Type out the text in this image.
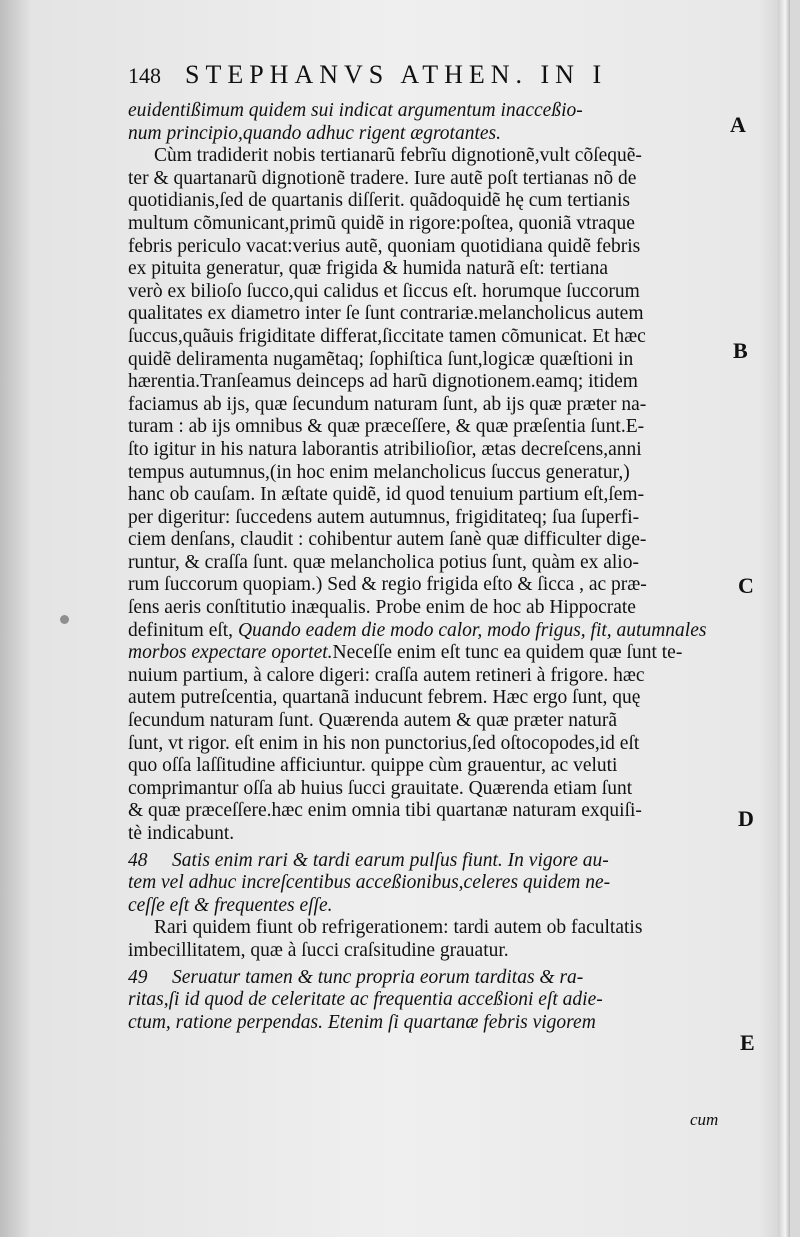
148 STEPHANVS ATHEN. IN I
euidentißimum quidem sui indicat argumentum inacceßio-
num principio,quando adhuc rigent ægrotantes.
Cùm tradiderit nobis tertianarũ febrĩu dignotionẽ,vult cõſequẽ-
ter & quartanarũ dignotionẽ tradere. Iure autẽ poſt tertianas nõ de
quotidianis,ſed de quartanis diſſerit. quãdoquidẽ hę cum tertianis
multum cõmunicant,primũ quidẽ in rigore:poſtea, quoniã vtraque
febris periculo vacat:verius autẽ, quoniam quotidiana quidẽ febris
ex pituita generatur, quæ frigida & humida naturã eſt: tertiana
verò ex bilioſo ſucco,qui calidus et ſiccus eſt. horumque ſuccorum
qualitates ex diametro inter ſe ſunt contrariæ.melancholicus autem
ſuccus,quãuis frigiditate differat,ſiccitate tamen cõmunicat. Et hæc
quidẽ deliramenta nugamẽtaq; ſophiſtica ſunt,logicæ quæſtioni in
hærentia.Tranſeamus deinceps ad harũ dignotionem.eamq; itidem
faciamus ab ijs, quæ ſecundum naturam ſunt, ab ijs quæ præter na-
turam : ab ijs omnibus & quæ præceſſere, & quæ præſentia ſunt.E-
ſto igitur in his natura laborantis atribilioſior, ætas decreſcens,anni
tempus autumnus,(in hoc enim melancholicus ſuccus generatur,)
hanc ob cauſam. In æſtate quidẽ, id quod tenuium partium eſt,ſem-
per digeritur: ſuccedens autem autumnus, frigiditateq; ſua ſuperfi-
ciem denſans, claudit : cohibentur autem ſanè quæ difficulter dige-
runtur, & craſſa ſunt. quæ melancholica potius ſunt, quàm ex alio-
rum ſuccorum quopiam.) Sed & regio frigida eſto & ſicca , ac præ-
ſens aeris conſtitutio inæqualis. Probe enim de hoc ab Hippocrate
definitum eſt, Quando eadem die modo calor, modo frigus, fit, autumnales
morbos expectare oportet.Neceſſe enim eſt tunc ea quidem quæ ſunt te-
nuium partium, à calore digeri: craſſa autem retineri à frigore. hæc
autem putreſcentia, quartanã inducunt febrem. Hæc ergo ſunt, quę
ſecundum naturam ſunt. Quærenda autem & quæ præter naturã
ſunt, vt rigor. eſt enim in his non punctorius,ſed oſtocopodes,id eſt
quo oſſa laſſitudine afficiuntur. quippe cùm grauentur, ac veluti
comprimantur oſſa ab huius ſucci grauitate. Quærenda etiam ſunt
& quæ præceſſere.hæc enim omnia tibi quartanæ naturam exquiſi-
tè indicabunt.
48 Satis enim rari & tardi earum pulſus fiunt. In vigore au-
tem vel adhuc increſcentibus acceßionibus,celeres quidem ne-
ceſſe eſt & frequentes eſſe.
Rari quidem fiunt ob refrigerationem: tardi autem ob facultatis
imbecillitatem, quæ à ſucci craſsitudine grauatur.
49 Seruatur tamen & tunc propria eorum tarditas & ra-
ritas,ſi id quod de celeritate ac frequentia acceßioni eſt adie-
ctum, ratione perpendas. Etenim ſi quartanæ febris vigorem
cum
A
B
C
D
E
